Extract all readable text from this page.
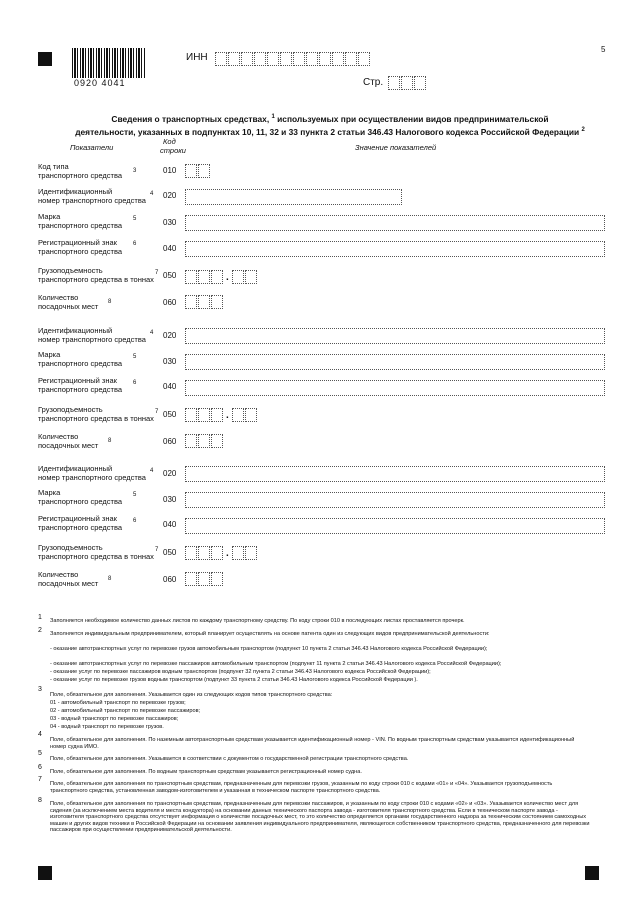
5
0920 4041
ИНН
Стр.
Сведения о транспортных средствах, $^1$ используемых при осуществлении видов предпринимательской
деятельности, указанных в подпунктах 10, 11, 32 и 33 пункта 2 статьи 346.43 Налогового кодекса Российской Федерации $^2$
Показатели
Код
строки	Значение показателей
Код типа
транспортного средства	3	010
Идентификационный
номер транспортного средства
4 020
Марка
транспортного средства
5	030
Регистрационный знак
транспортного средства
6	040
Грузоподъемность
транспортного средства в тоннах
7 050	.
Количество
посадочных мест	8	060
Идентификационный
номер транспортного средства
4 020
Марка
транспортного средства
5	030
Регистрационный знак
транспортного средства
6	040
Грузоподъемность
транспортного средства в тоннах
7 050	.
Количество
посадочных мест	8	060
Идентификационный
номер транспортного средства
4 020
Марка
транспортного средства
5	030
Регистрационный знак
транспортного средства
6	040
Грузоподъемность
транспортного средства в тоннах
7 050	.
Количество
посадочных мест	8	060
1 Заполняется необходимое количество данных листов по каждому транспортному средству. По коду строки 010 в последующих листах проставляется прочерк.
2 Заполняется индивидуальным предпринимателем, который планирует осуществлять на основе патента один из следующих видов предпринимательской деятельности:
- оказание автотранспортных услуг по перевозке грузов автомобильным транспортом (подпункт 10 пункта 2 статьи 346.43 Налогового кодекса Российской Федерации);
- оказание автотранспортных услуг по перевозке пассажиров автомобильным транспортом (подпункт 11 пункта 2 статьи 346.43 Налогового кодекса Российской Федерации);
- оказание услуг по перевозке пассажиров водным транспортом (подпункт 32 пункта 2 статьи 346.43 Налогового кодекса Российской Федерации);
- оказание услуг по перевозке грузов водным транспортом (подпункт 33 пункта 2 статьи 346.43 Налогового кодекса Российской Федерации ).
3
Поле, обязательное для заполнения. Указывается один из следующих кодов типов транспортного средства:
01 - автомобильный транспорт по перевозке грузов;
02 - автомобильный транспорт по перевозке пассажиров;
03 - водный транспорт по перевозке пассажиров;
04 - водный транспорт по перевозке грузов.
4
Поле, обязательное для заполнения. По наземным автотранспортным средствам указывается идентификационный номер - VIN. По водным транспортным средствам указывается идентификационный номер судна ИМО.
5
Поле, обязательное для заполнения. Указывается в соответствии с документом о государственной регистрации транспортного средства.
6
Поле, обязательное для заполнения. По водным транспортным средствам указывается регистрационный номер судна.
7
Поле, обязательное для заполнения по транспортным средствам, предназначенным для перевозки грузов, указанным по коду строки 010 с кодами «01» и «04». Указывается грузоподъемность транспортного средства, установленная заводом-изготовителем и указанная в техническом паспорте транспортного средства.
8 Поле, обязательное для заполнения по транспортным средствам, предназначенным для перевозки пассажиров, и указанным по коду строки 010 с кодами «02» и «03». Указывается количество мест для сидения (за исключением места водителя и места кондуктора) на основании данных технического паспорта завода - изготовителя транспортного средства. Если в техническом паспорте завода - изготовителя транспортного средства отсутствует информация о количестве посадочных мест, то это количество определяется органами государственного надзора за техническим состоянием самоходных машин и других видов техники в Российской Федерации на основании заявления индивидуального предпринимателя, являющегося собственником транспортного средства, предназначенного для перевозки пассажиров при осуществлении предпринимательской деятельности.
